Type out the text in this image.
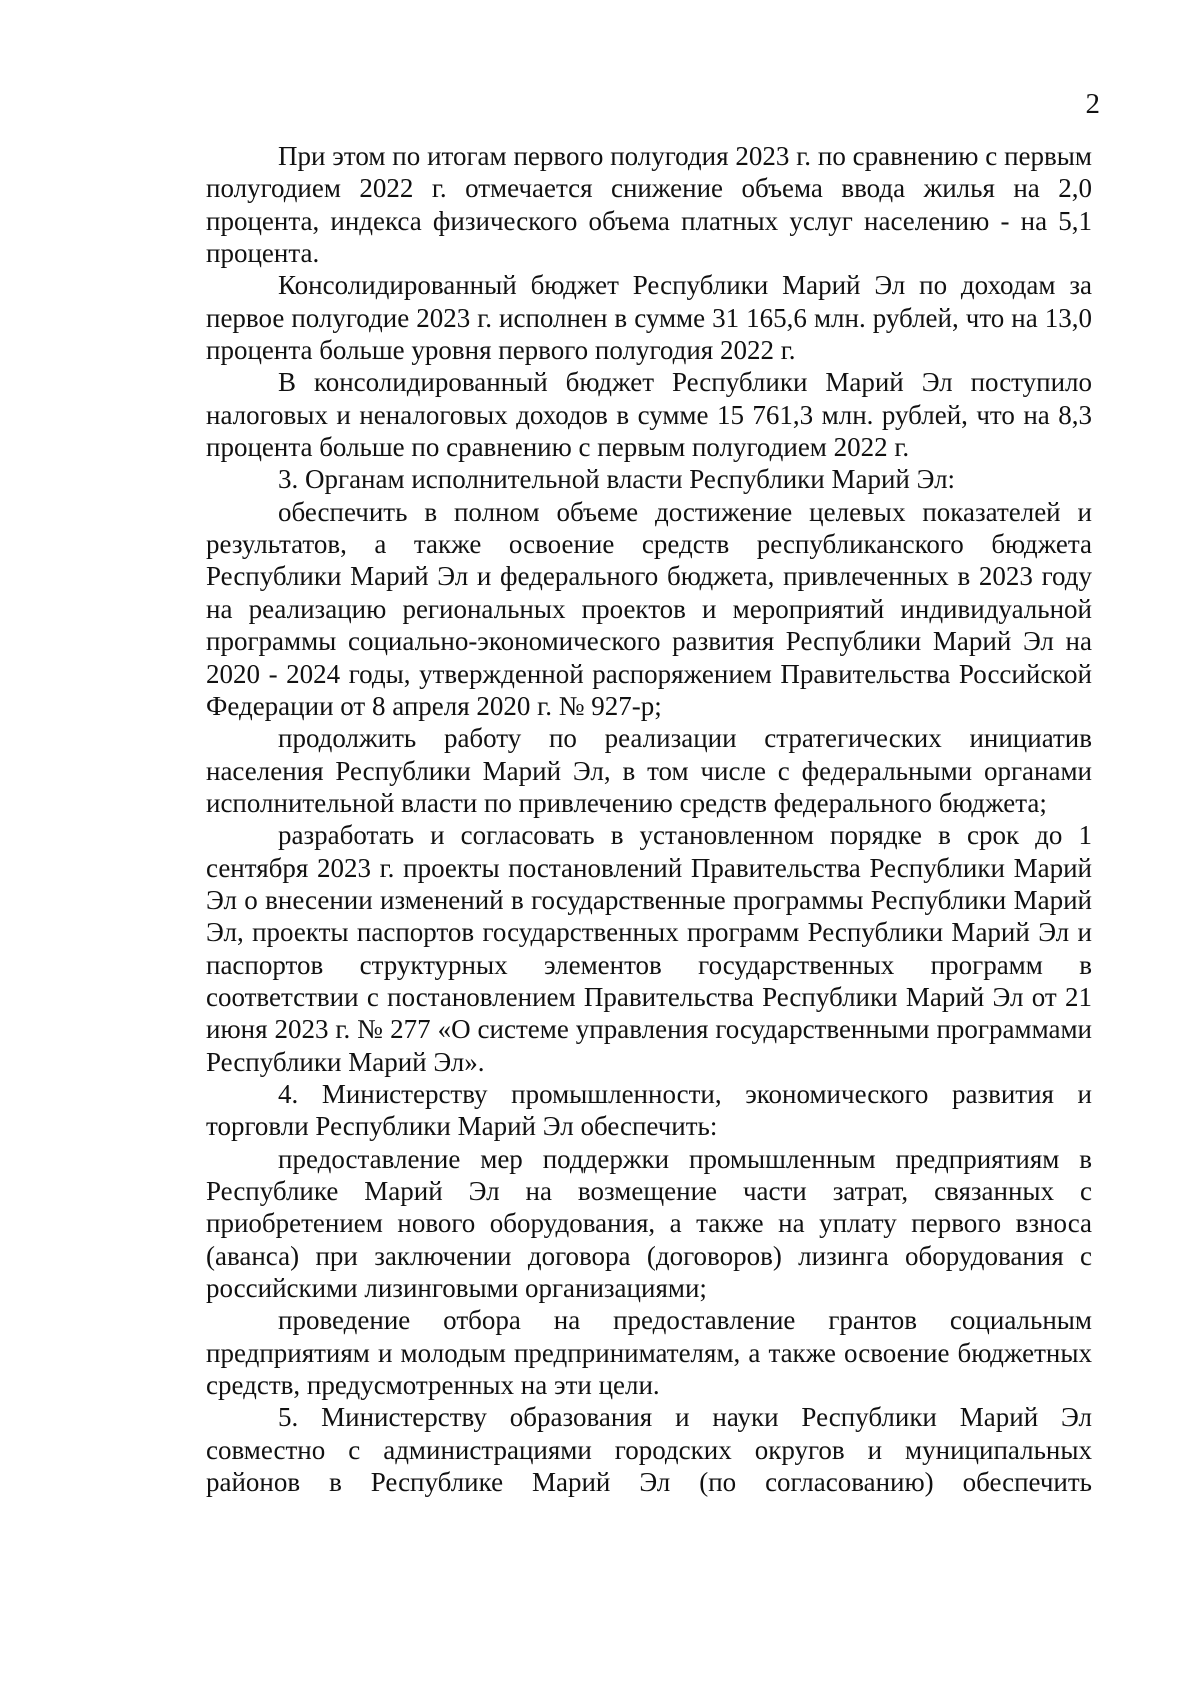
2

При этом по итогам первого полугодия 2023 г. по сравнению с первым полугодием 2022 г. отмечается снижение объема ввода жилья на 2,0 процента, индекса физического объема платных услуг населению - на 5,1 процента.

Консолидированный бюджет Республики Марий Эл по доходам за первое полугодие 2023 г. исполнен в сумме 31 165,6 млн. рублей, что на 13,0 процента больше уровня первого полугодия 2022 г.

В консолидированный бюджет Республики Марий Эл поступило налоговых и неналоговых доходов в сумме 15 761,3 млн. рублей, что на 8,3 процента больше по сравнению с первым полугодием 2022 г.

3. Органам исполнительной власти Республики Марий Эл:

обеспечить в полном объеме достижение целевых показателей и результатов, а также освоение средств республиканского бюджета Республики Марий Эл и федерального бюджета, привлеченных в 2023 году на реализацию региональных проектов и мероприятий индивидуальной программы социально-экономического развития Республики Марий Эл на 2020 - 2024 годы, утвержденной распоряжением Правительства Российской Федерации от 8 апреля 2020 г. № 927-р;

продолжить работу по реализации стратегических инициатив населения Республики Марий Эл, в том числе с федеральными органами исполнительной власти по привлечению средств федерального бюджета;

разработать и согласовать в установленном порядке в срок до 1 сентября 2023 г. проекты постановлений Правительства Республики Марий Эл о внесении изменений в государственные программы Республики Марий Эл, проекты паспортов государственных программ Республики Марий Эл и паспортов структурных элементов государственных программ в соответствии с постановлением Правительства Республики Марий Эл от 21 июня 2023 г. № 277 «О системе управления государственными программами Республики Марий Эл».

4. Министерству промышленности, экономического развития и торговли Республики Марий Эл обеспечить:

предоставление мер поддержки промышленным предприятиям в Республике Марий Эл на возмещение части затрат, связанных с приобретением нового оборудования, а также на уплату первого взноса (аванса) при заключении договора (договоров) лизинга оборудования с российскими лизинговыми организациями;

проведение отбора на предоставление грантов социальным предприятиям и молодым предпринимателям, а также освоение бюджетных средств, предусмотренных на эти цели.

5. Министерству образования и науки Республики Марий Эл совместно с администрациями городских округов и муниципальных районов в Республике Марий Эл (по согласованию) обеспечить
